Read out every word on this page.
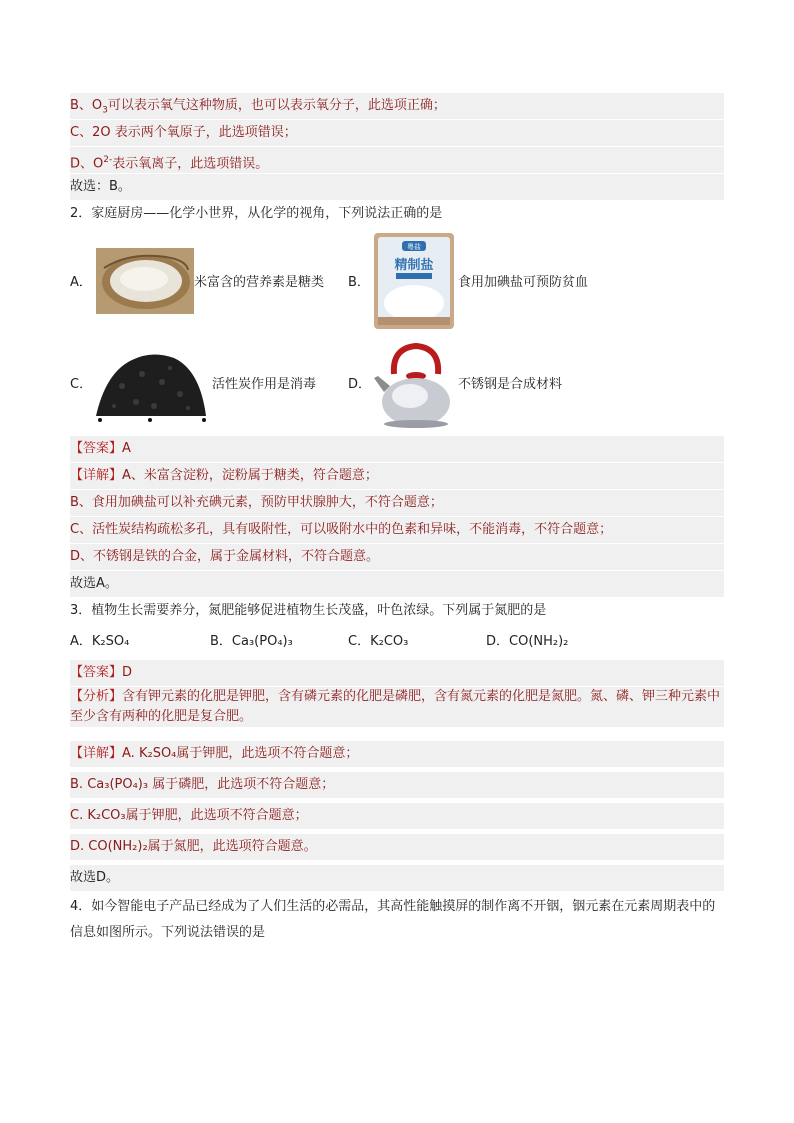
B、$O_3$可以表示氧气这种物质，也可以表示氧分子，此选项正确；
C、2O 表示两个氧原子，此选项错误；
D、$O^{2-}$表示氧离子，此选项错误。
故选：B。
2．家庭厨房——化学小世界，从化学的视角，下列说法正确的是
A．	米富含的营养素是糖类 B．
粤盐
精制盐
食用加碘盐可预防贫血
C．	活性炭作用是消毒 D．	不锈钢是合成材料
【答案】A
【详解】A、米富含淀粉，淀粉属于糖类，符合题意；
B、食用加碘盐可以补充碘元素，预防甲状腺肿大，不符合题意；
C、活性炭结构疏松多孔，具有吸附性，可以吸附水中的色素和异味，不能消毒，不符合题意；
D、不锈钢是铁的合金，属于金属材料，不符合题意。
故选A。
3．植物生长需要养分，氮肥能够促进植物生长茂盛，叶色浓绿。下列属于氮肥的是
A．K₂SO₄	B．Ca₃(PO₄)₃	C．K₂CO₃	D．CO(NH₂)₂
【答案】D
【分析】含有钾元素的化肥是钾肥，含有磷元素的化肥是磷肥，含有氮元素的化肥是氮肥。氮、磷、钾三种元素中至少含有两种的化肥是复合肥。
【详解】A. K₂SO₄属于钾肥，此选项不符合题意；
B. Ca₃(PO₄)₃ 属于磷肥，此选项不符合题意；
C. K₂CO₃属于钾肥，此选项不符合题意；
D. CO(NH₂)₂属于氮肥，此选项符合题意。
故选D。
4．如今智能电子产品已经成为了人们生活的必需品，其高性能触摸屏的制作离不开铟，铟元素在元素周期表中的信息如图所示。下列说法错误的是
